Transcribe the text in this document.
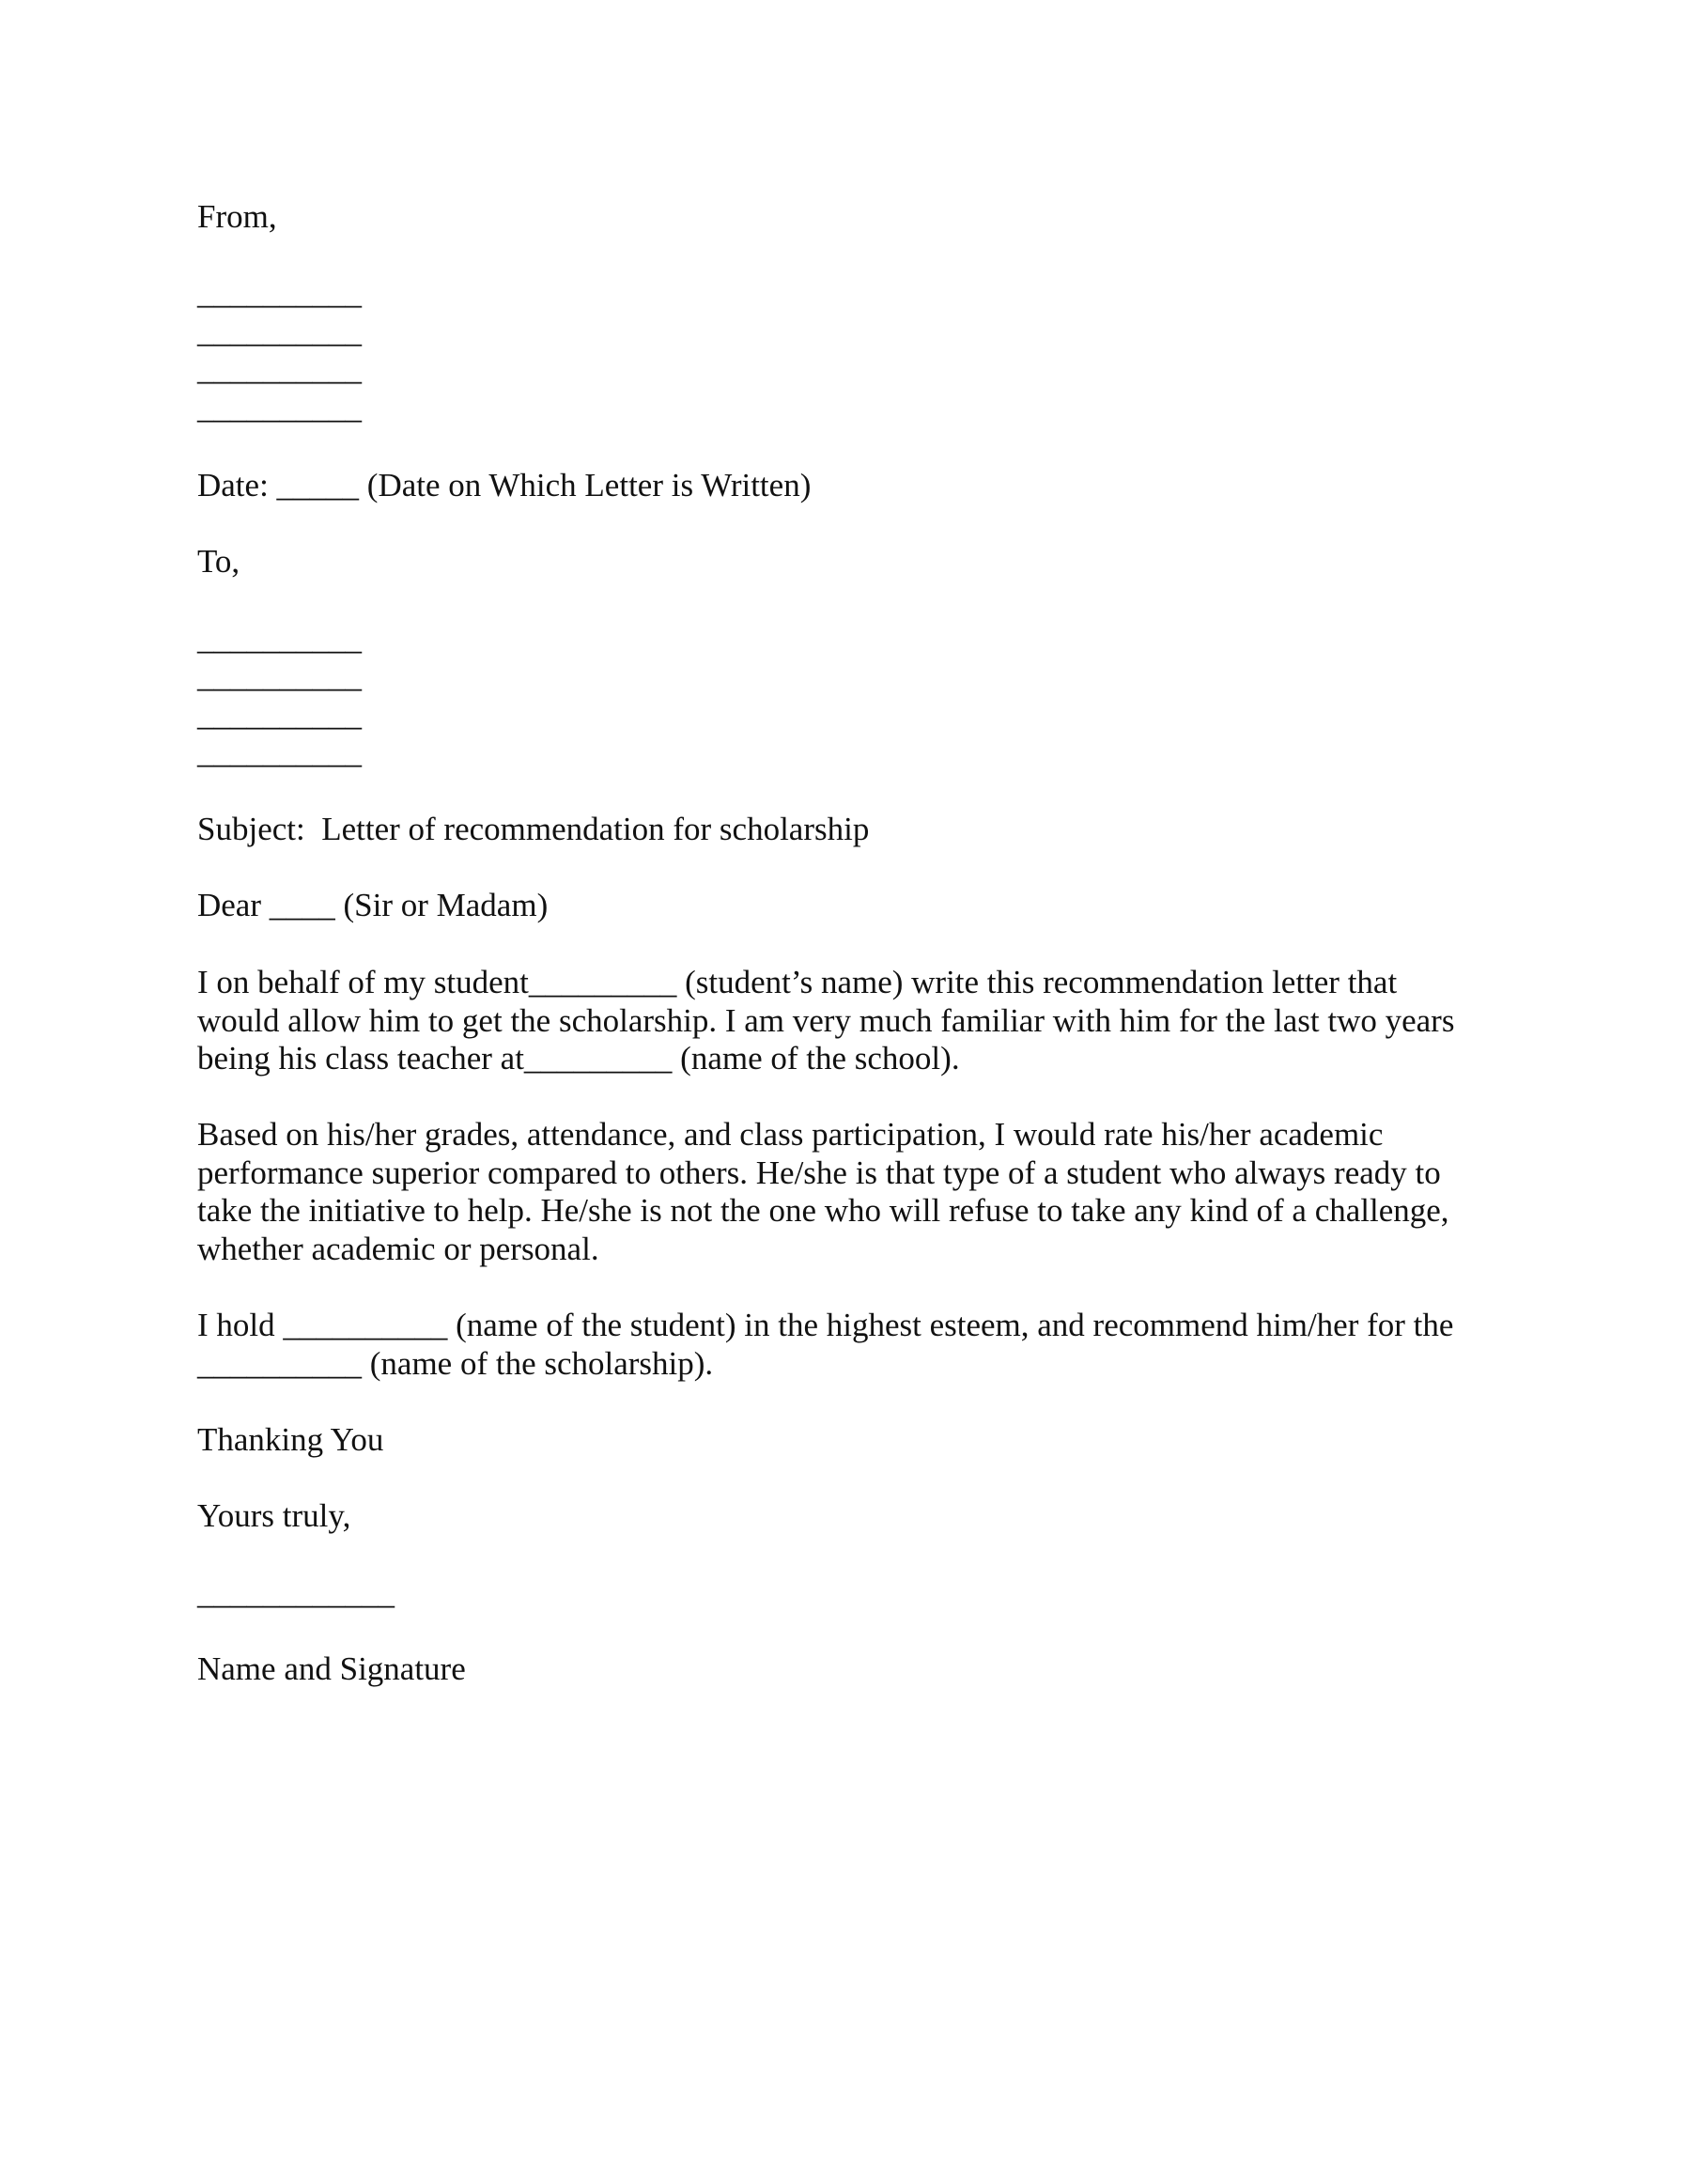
From,

__________

__________

__________

__________

Date: _____ (Date on Which Letter is Written)

To,

__________

__________

__________

__________

Subject:  Letter of recommendation for scholarship

Dear ____ (Sir or Madam)

I on behalf of my student_________ (student’s name) write this recommendation letter that
would allow him to get the scholarship. I am very much familiar with him for the last two years
being his class teacher at_________ (name of the school).
Based on his/her grades, attendance, and class participation, I would rate his/her academic
performance superior compared to others. He/she is that type of a student who always ready to
take the initiative to help. He/she is not the one who will refuse to take any kind of a challenge,
whether academic or personal.
I hold __________ (name of the student) in the highest esteem, and recommend him/her for the
__________ (name of the scholarship).

Thanking You

Yours truly,

____________

Name and Signature
